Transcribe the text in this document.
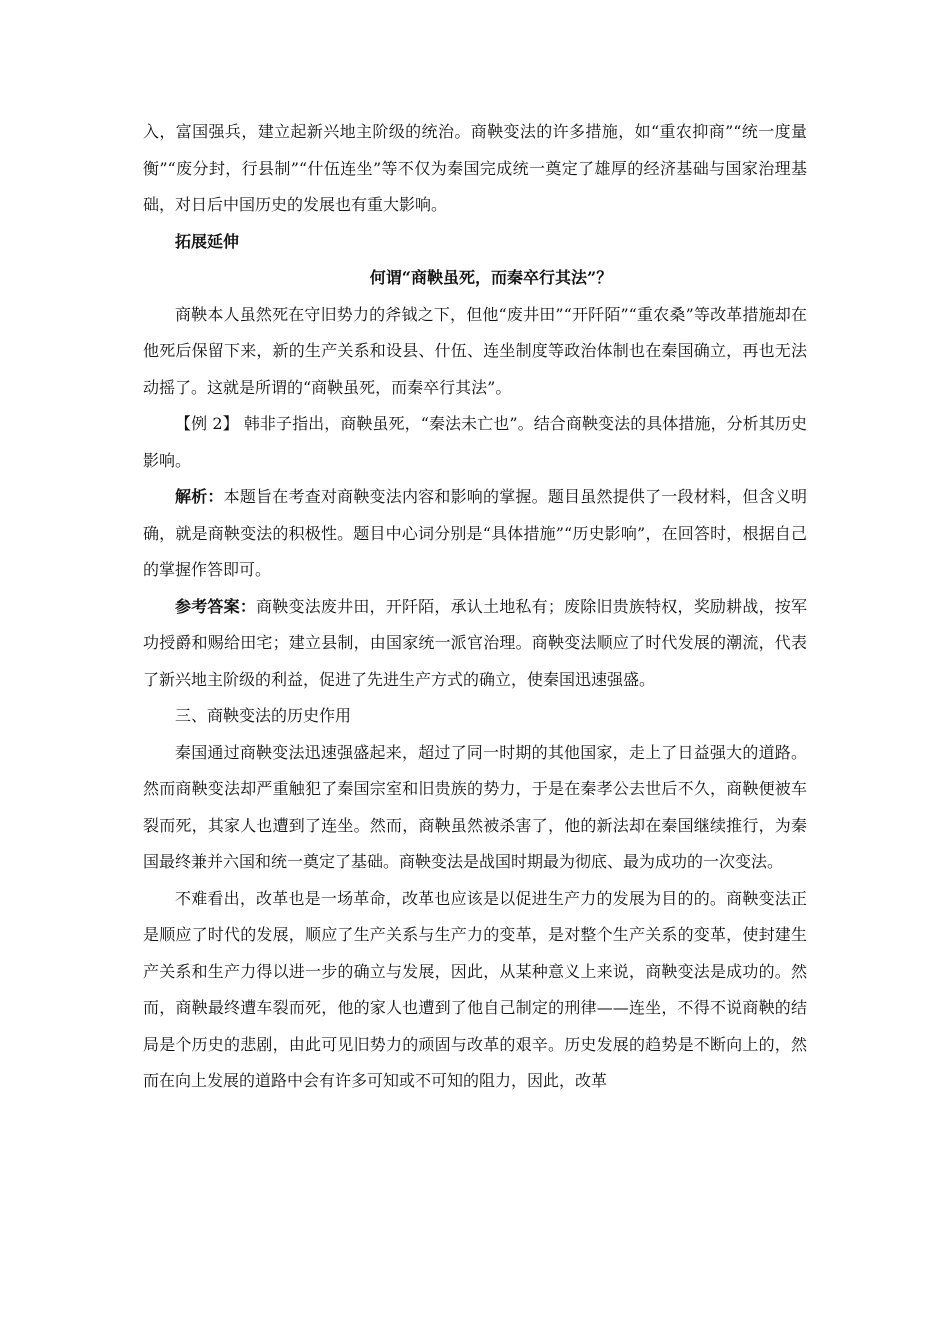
入，富国强兵，建立起新兴地主阶级的统治。商鞅变法的许多措施，如“重农抑商”“统一度量衡”“废分封，行县制”“什伍连坐”等不仅为秦国完成统一奠定了雄厚的经济基础与国家治理基础，对日后中国历史的发展也有重大影响。

拓展延伸

何谓“商鞅虽死，而秦卒行其法”？

商鞅本人虽然死在守旧势力的斧钺之下，但他“废井田”“开阡陌”“重农桑”等改革措施却在他死后保留下来，新的生产关系和设县、什伍、连坐制度等政治体制也在秦国确立，再也无法动摇了。这就是所谓的“商鞅虽死，而秦卒行其法”。

【例 2】 韩非子指出，商鞅虽死，“秦法未亡也”。结合商鞅变法的具体措施，分析其历史影响。

解析：本题旨在考查对商鞅变法内容和影响的掌握。题目虽然提供了一段材料，但含义明确，就是商鞅变法的积极性。题目中心词分别是“具体措施”“历史影响”，在回答时，根据自己的掌握作答即可。

参考答案：商鞅变法废井田，开阡陌，承认土地私有；废除旧贵族特权，奖励耕战，按军功授爵和赐给田宅；建立县制，由国家统一派官治理。商鞅变法顺应了时代发展的潮流，代表了新兴地主阶级的利益，促进了先进生产方式的确立，使秦国迅速强盛。

三、商鞅变法的历史作用

秦国通过商鞅变法迅速强盛起来，超过了同一时期的其他国家，走上了日益强大的道路。然而商鞅变法却严重触犯了秦国宗室和旧贵族的势力，于是在秦孝公去世后不久，商鞅便被车裂而死，其家人也遭到了连坐。然而，商鞅虽然被杀害了，他的新法却在秦国继续推行，为秦国最终兼并六国和统一奠定了基础。商鞅变法是战国时期最为彻底、最为成功的一次变法。

不难看出，改革也是一场革命，改革也应该是以促进生产力的发展为目的的。商鞅变法正是顺应了时代的发展，顺应了生产关系与生产力的变革，是对整个生产关系的变革，使封建生产关系和生产力得以进一步的确立与发展，因此，从某种意义上来说，商鞅变法是成功的。然而，商鞅最终遭车裂而死，他的家人也遭到了他自己制定的刑律——连坐，不得不说商鞅的结局是个历史的悲剧，由此可见旧势力的顽固与改革的艰辛。历史发展的趋势是不断向上的，然而在向上发展的道路中会有许多可知或不可知的阻力，因此，改革
